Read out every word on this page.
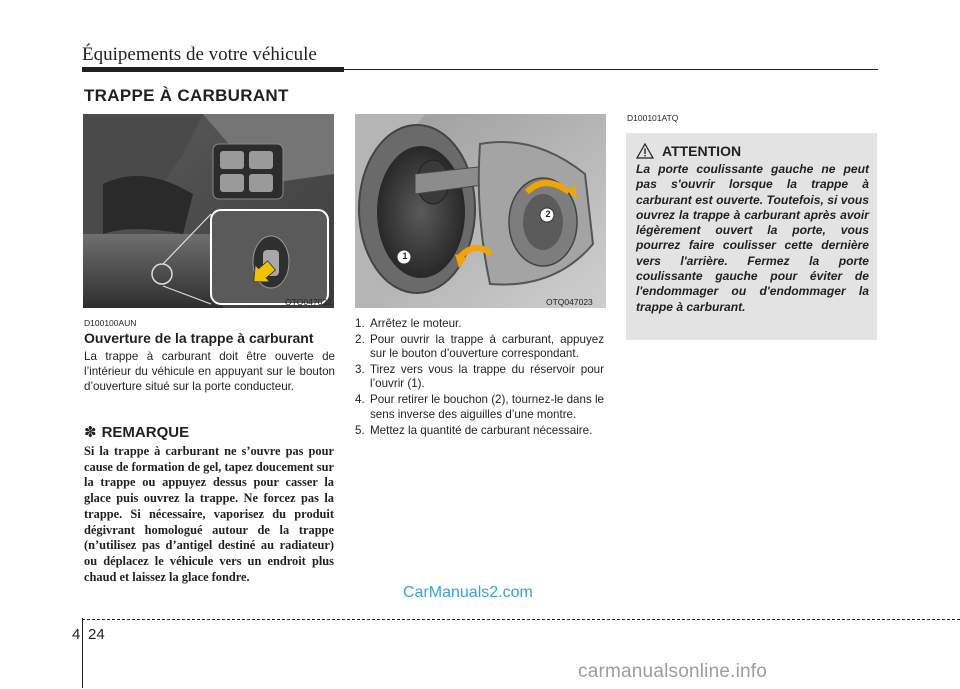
Équipements de votre véhicule
TRAPPE À CARBURANT
OTQ047022
1
2
OTQ047023
D100100AUN
Ouverture de la trappe à carburant

La trappe à carburant doit être ouverte de l’intérieur du véhicule en appuyant sur le bouton d’ouverture situé sur la porte conducteur.

✽ REMARQUE
Si la trappe à carburant ne s’ouvre pas pour cause de formation de gel, tapez doucement sur la trappe ou appuyez dessus pour casser la glace puis ouvrez la trappe. Ne forcez pas la trappe. Si nécessaire, vaporisez du produit dégivrant homologué autour de la trappe (n’utilisez pas d’antigel destiné au radiateur) ou déplacez le véhicule vers un endroit plus chaud et laissez la glace fondre.
1. Arrêtez le moteur.
2. Pour ouvrir la trappe à carburant, appuyez sur le bouton d’ouverture correspondant.
3. Tirez vers vous la trappe du réservoir pour l’ouvrir (1).
4. Pour retirer le bouchon (2), tournez-le dans le sens inverse des aiguilles d’une montre.
5. Mettez la quantité de carburant nécessaire.
D100101ATQ
ATTENTION
La porte coulissante gauche ne peut pas s'ouvrir lorsque la trappe à carburant est ouverte. Toutefois, si vous ouvrez la trappe à carburant après avoir légèrement ouvert la porte, vous pourrez faire coulisser cette dernière vers l'arrière. Fermez la porte coulissante gauche pour éviter de l'endommager ou d'endommager la trappe à carburant.
CarManuals2.com
4 24
carmanualsonline.info
